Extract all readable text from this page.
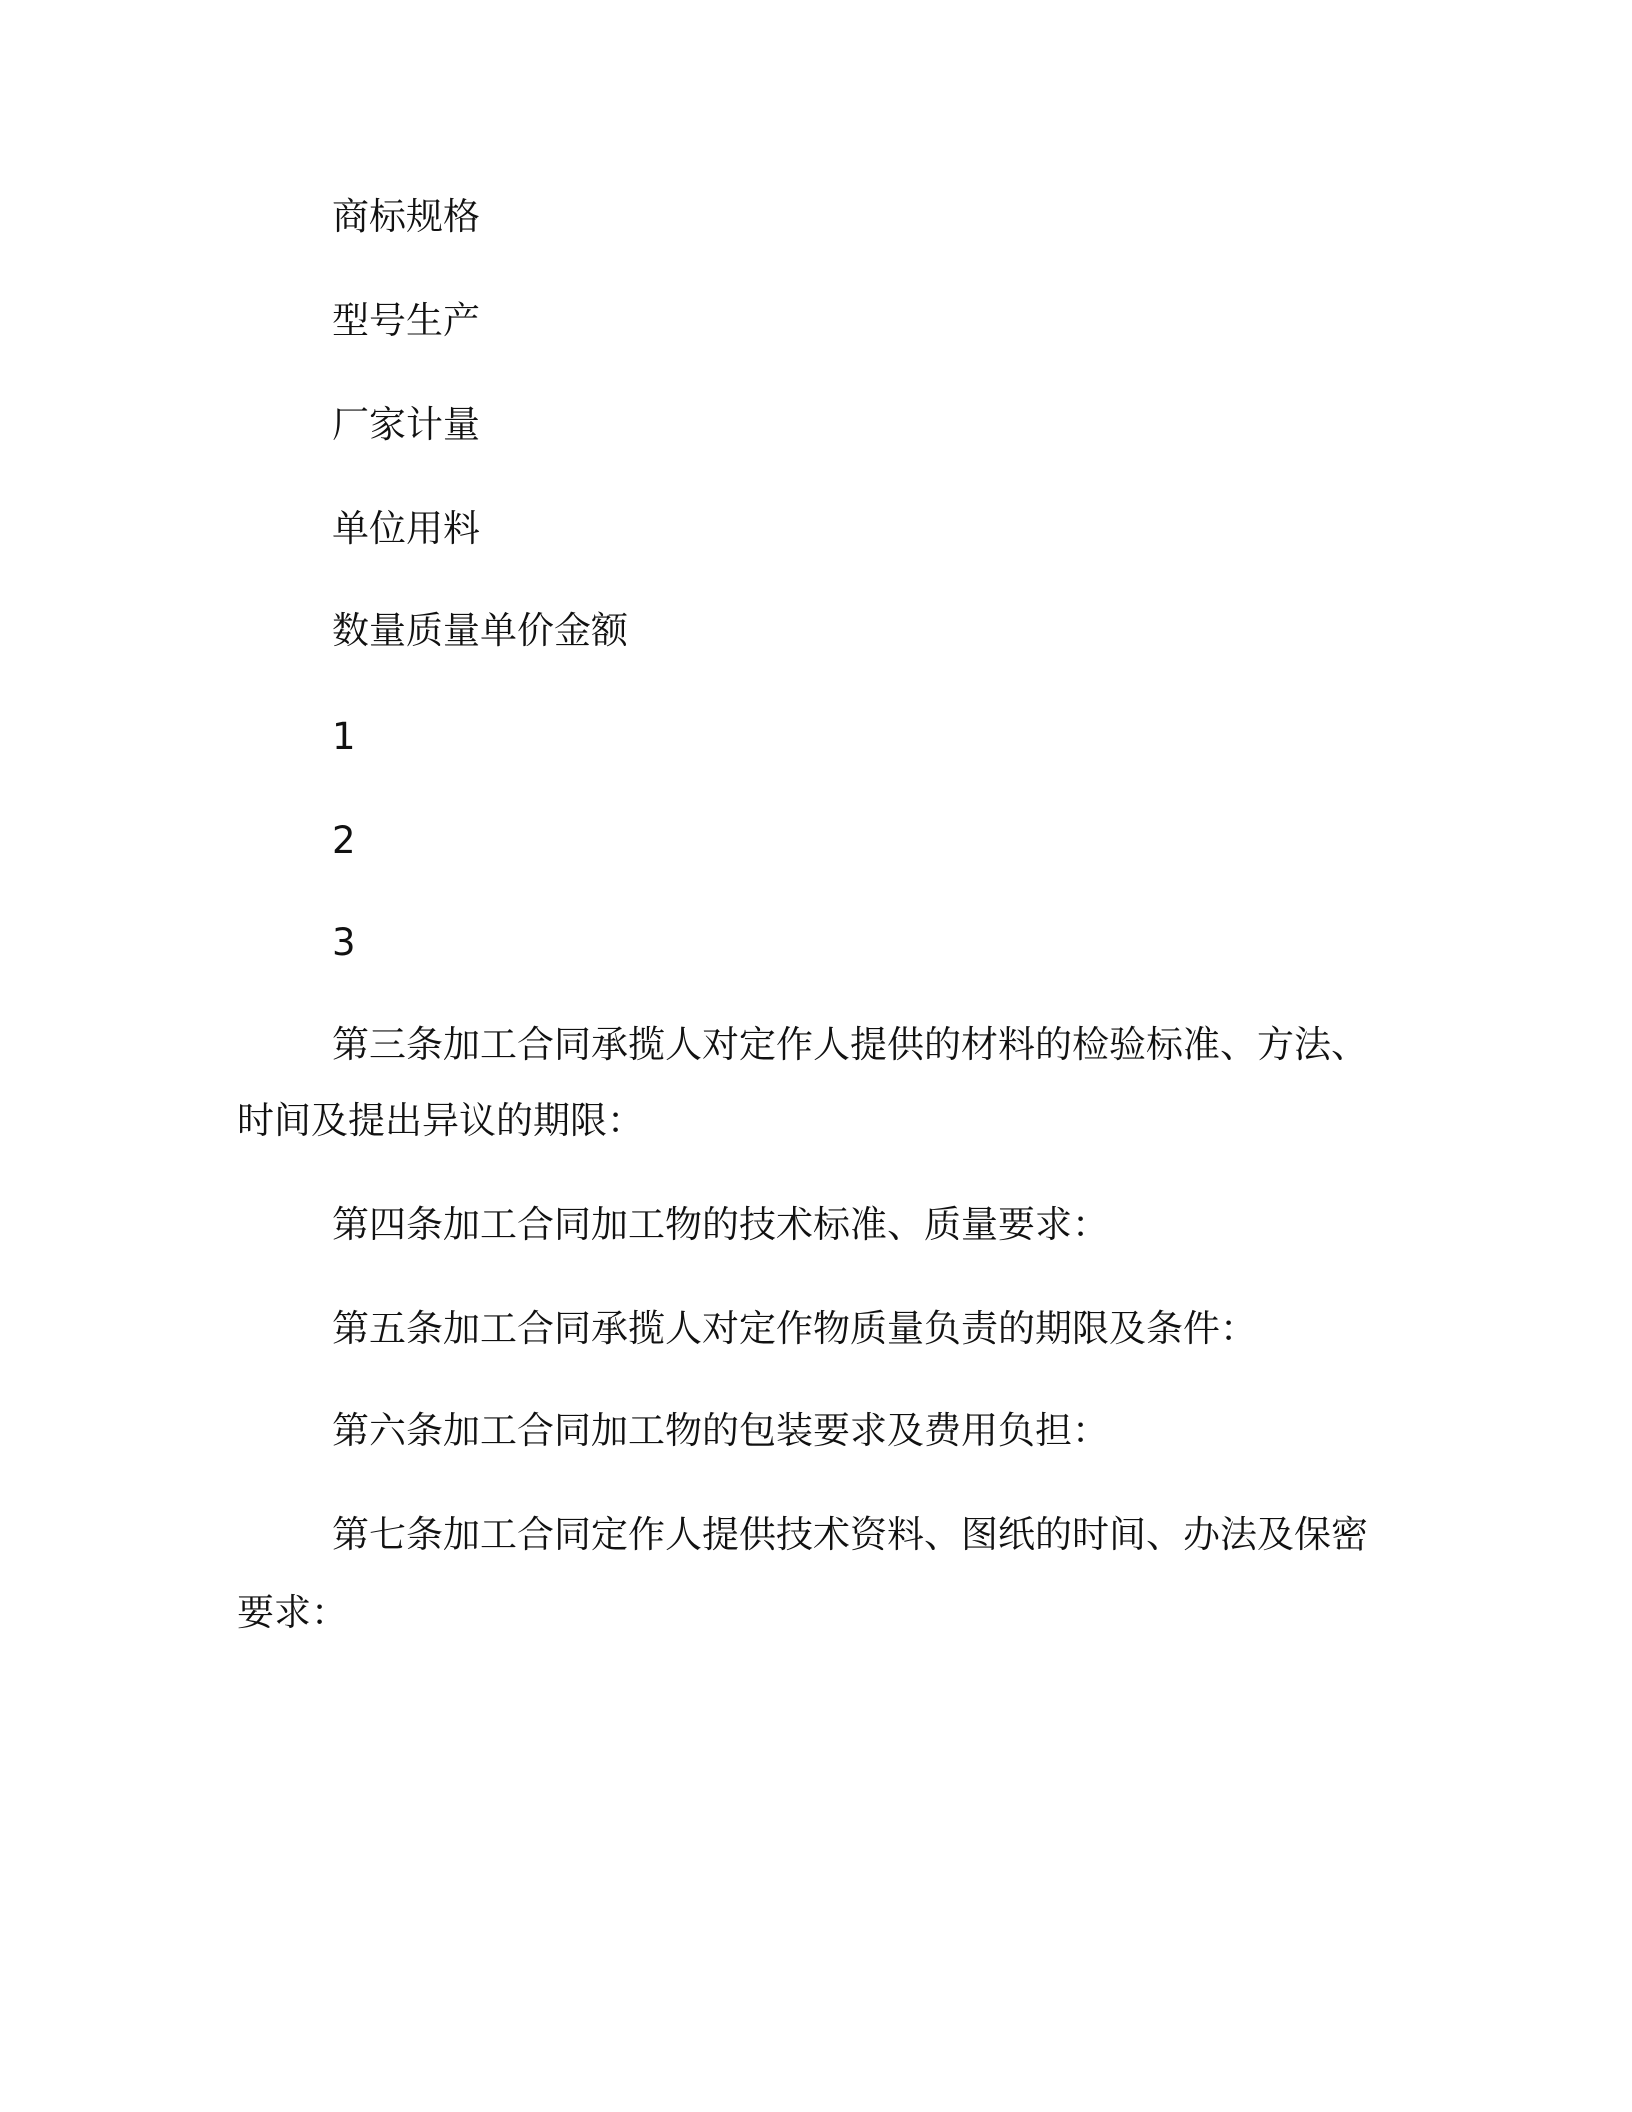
商标规格
型号生产
厂家计量
单位用料
数量质量单价金额
1
2
3
第三条加工合同承揽人对定作人提供的材料的检验标准、方法、
时间及提出异议的期限：
第四条加工合同加工物的技术标准、质量要求：
第五条加工合同承揽人对定作物质量负责的期限及条件：
第六条加工合同加工物的包装要求及费用负担：
第七条加工合同定作人提供技术资料、图纸的时间、办法及保密
要求：
